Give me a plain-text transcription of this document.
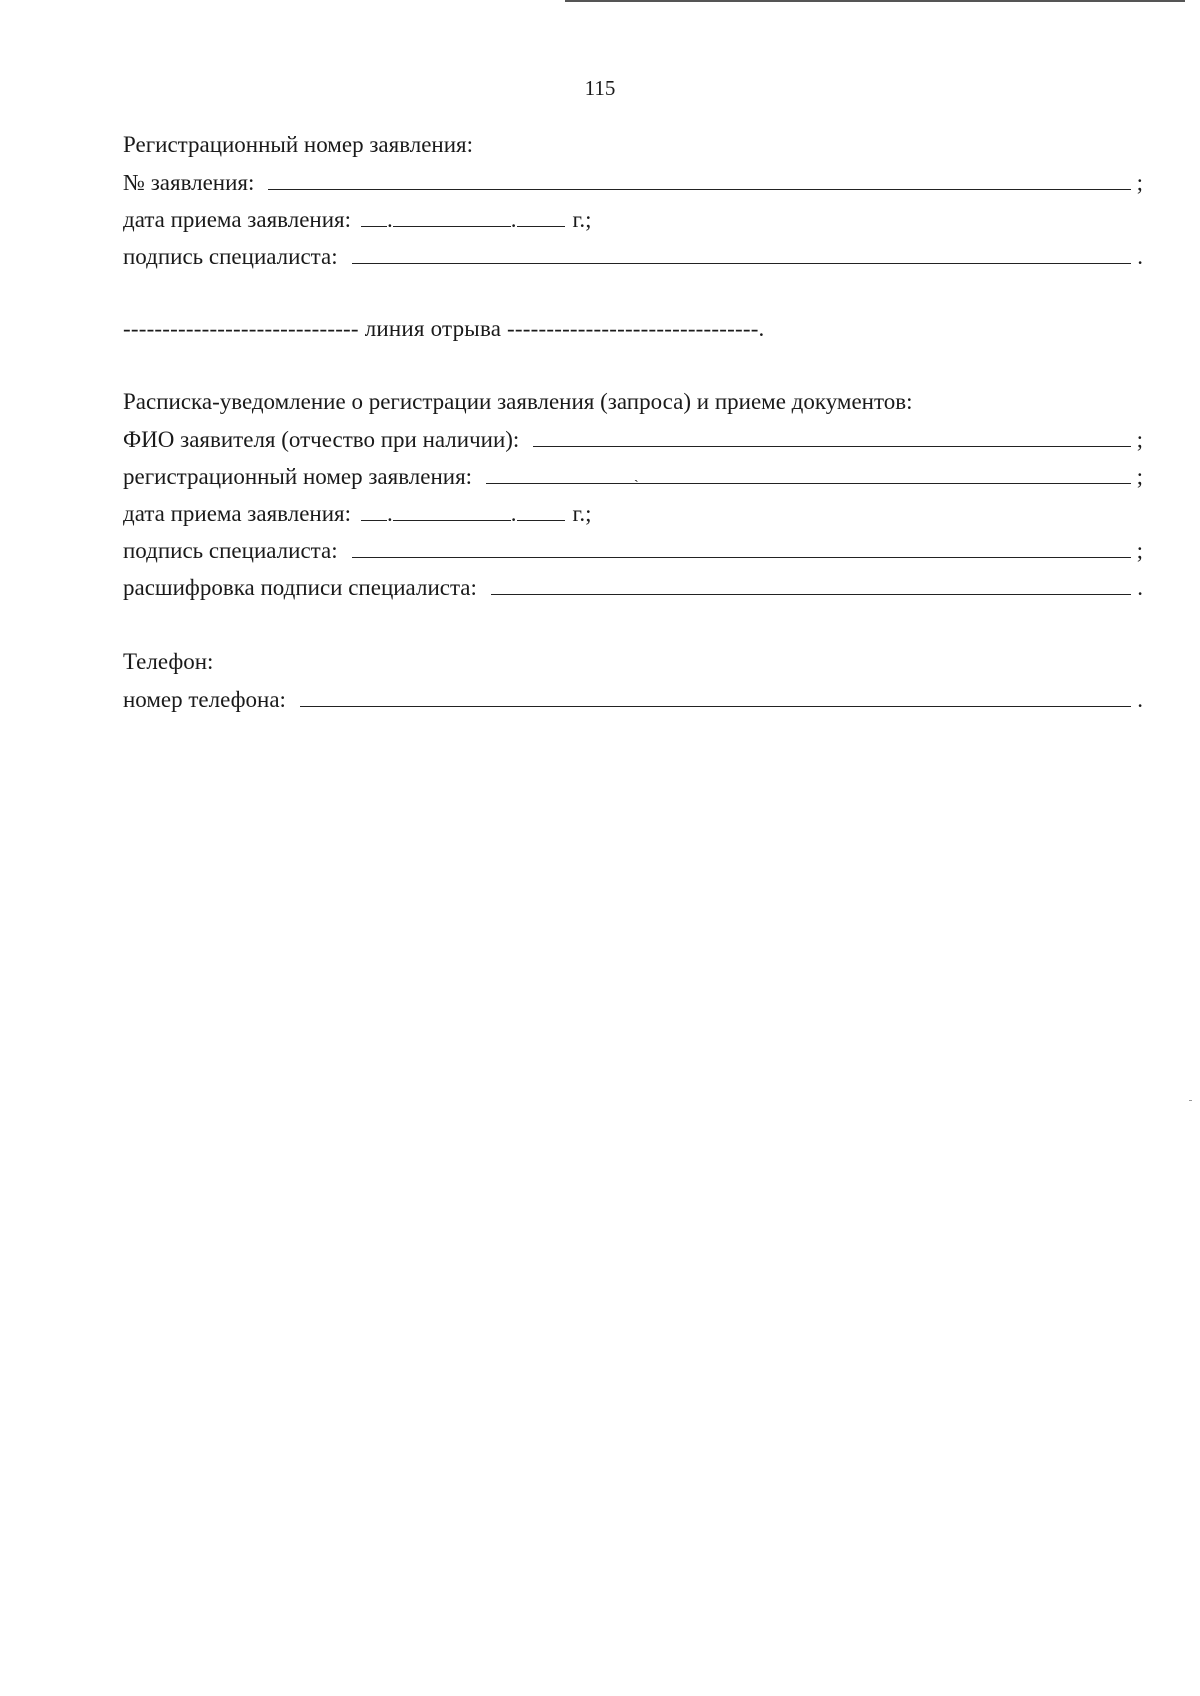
115
Регистрационный номер заявления:
№ заявления:	;
дата приема заявления: .	. г.;
подпись специалиста:	.
------------------------------ линия отрыва --------------------------------.
Расписка-уведомление о регистрации заявления (запроса) и приеме документов:
ФИО заявителя (отчество при наличии):	;
регистрационный номер заявления:	ˎ	;
дата приема заявления: .	. г.;
подпись специалиста:	;
расшифровка подписи специалиста:	.
Телефон:
номер телефона:	.
